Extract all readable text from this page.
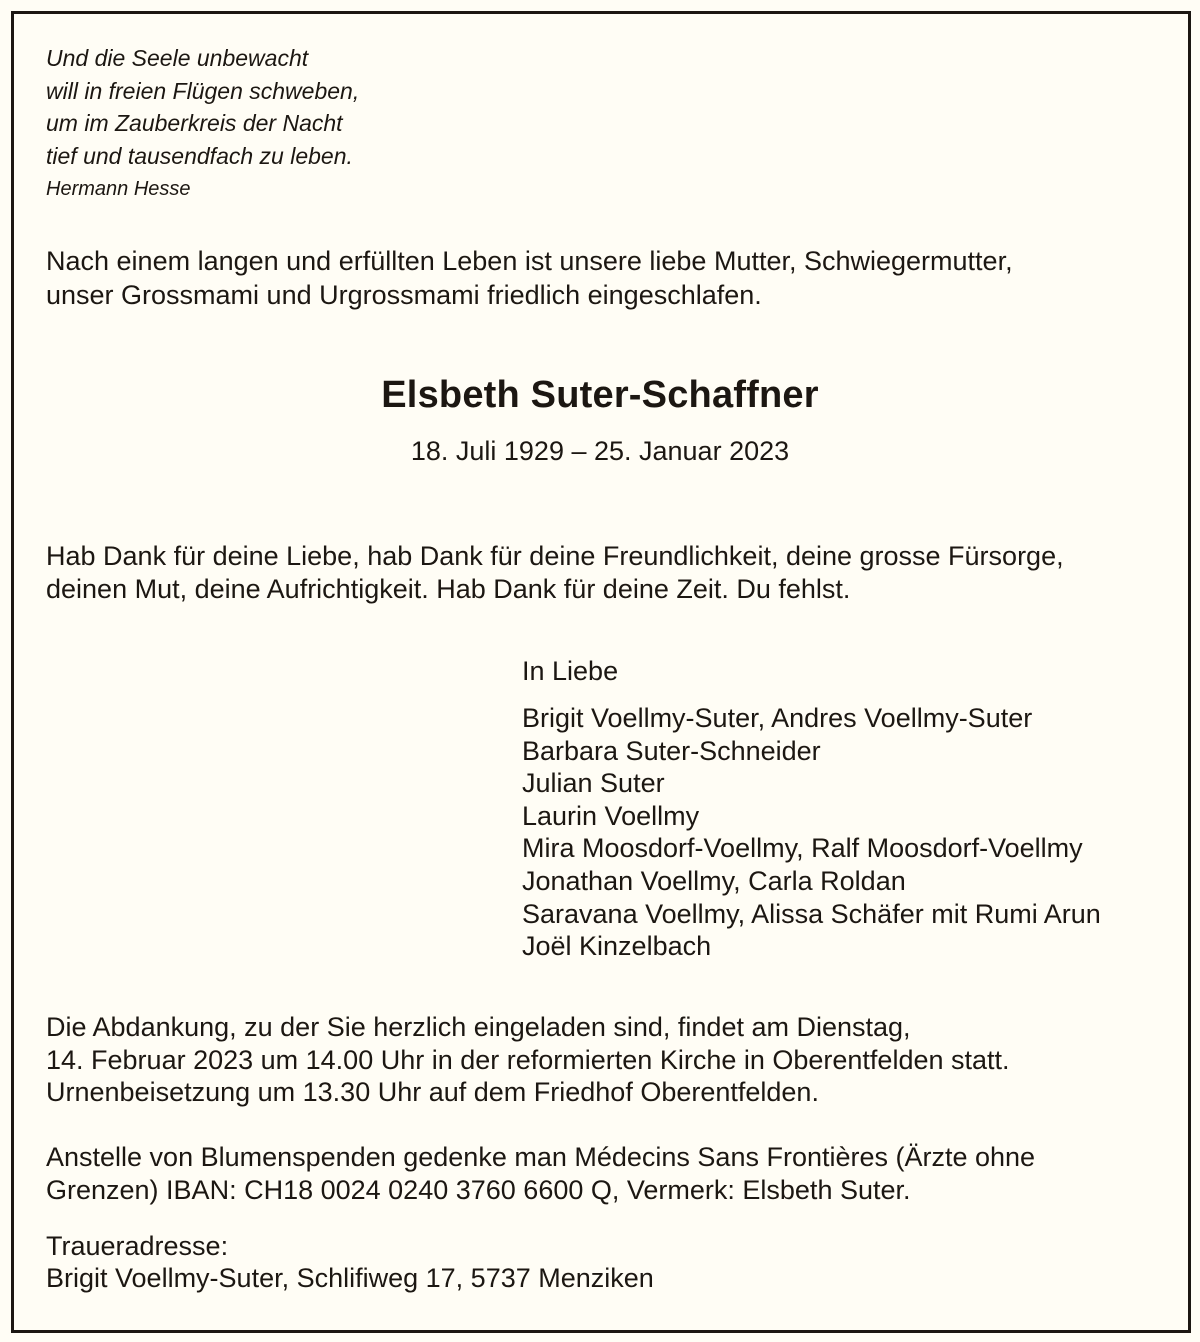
Und die Seele unbewacht
will in freien Flügen schweben,
um im Zauberkreis der Nacht
tief und tausendfach zu leben.
Hermann Hesse
Nach einem langen und erfüllten Leben ist unsere liebe Mutter, Schwiegermutter,
unser Grossmami und Urgrossmami friedlich eingeschlafen.
Elsbeth Suter-Schaffner
18. Juli 1929 – 25. Januar 2023
Hab Dank für deine Liebe, hab Dank für deine Freundlichkeit, deine grosse Fürsorge,
deinen Mut, deine Aufrichtigkeit. Hab Dank für deine Zeit. Du fehlst.
In Liebe
Brigit Voellmy-Suter, Andres Voellmy-Suter
Barbara Suter-Schneider
Julian Suter
Laurin Voellmy
Mira Moosdorf-Voellmy, Ralf Moosdorf-Voellmy
Jonathan Voellmy, Carla Roldan
Saravana Voellmy, Alissa Schäfer mit Rumi Arun
Joël Kinzelbach
Die Abdankung, zu der Sie herzlich eingeladen sind, findet am Dienstag,
14. Februar 2023 um 14.00 Uhr in der reformierten Kirche in Oberentfelden statt.
Urnenbeisetzung um 13.30 Uhr auf dem Friedhof Oberentfelden.
Anstelle von Blumenspenden gedenke man Médecins Sans Frontières (Ärzte ohne
Grenzen) IBAN: CH18 0024 0240 3760 6600 Q, Vermerk: Elsbeth Suter.
Traueradresse:
Brigit Voellmy-Suter, Schlifiweg 17, 5737 Menziken
